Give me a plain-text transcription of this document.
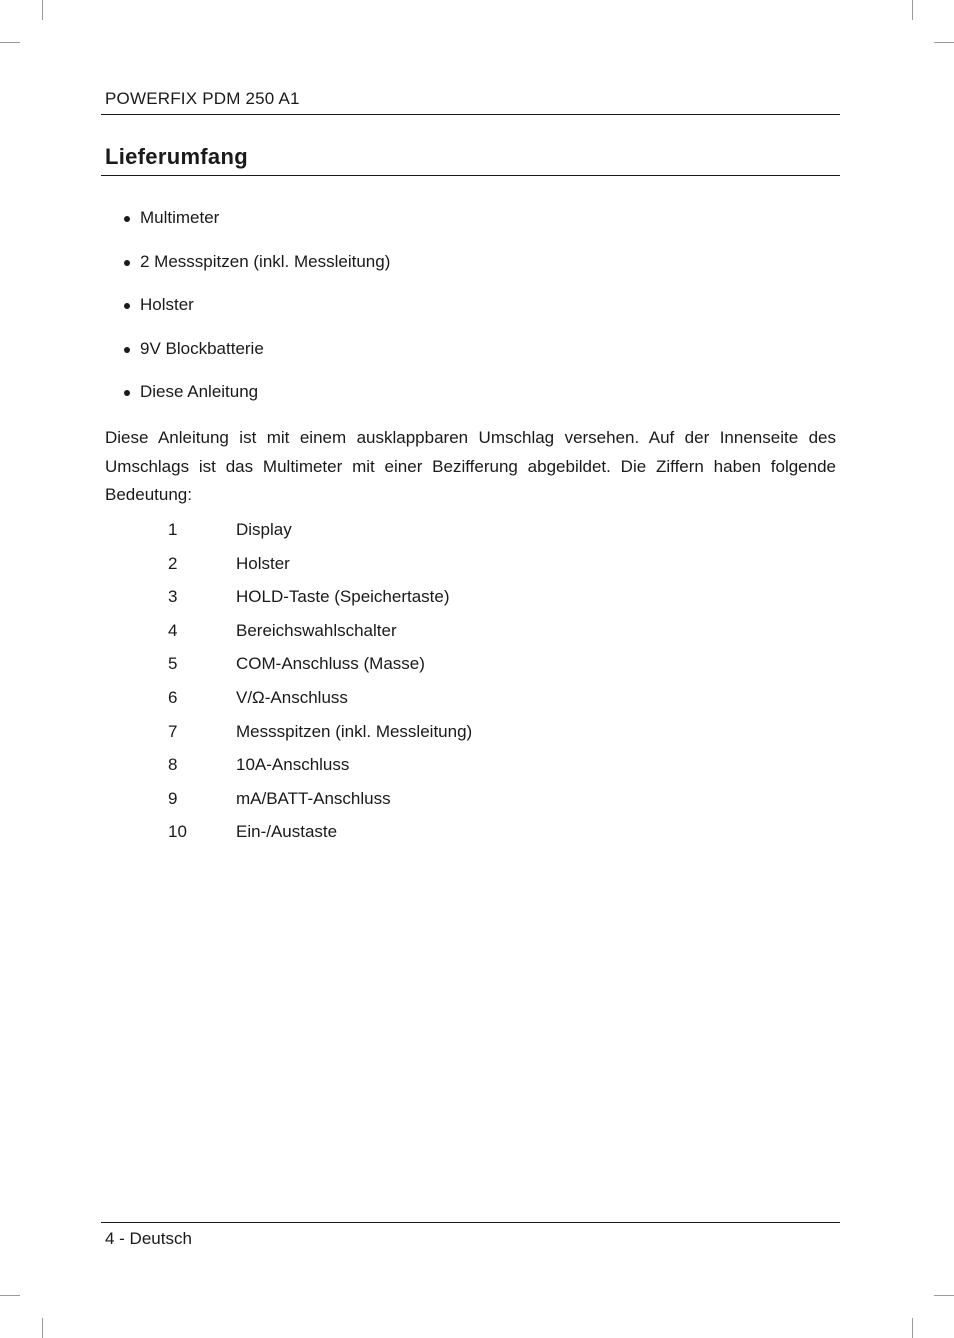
POWERFIX PDM 250 A1
Lieferumfang
Multimeter
2 Messspitzen (inkl. Messleitung)
Holster
9V Blockbatterie
Diese Anleitung

Diese Anleitung ist mit einem ausklappbaren Umschlag versehen. Auf der Innenseite des Umschlags ist das Multimeter mit einer Bezifferung abgebildet. Die Ziffern haben folgende Bedeutung:

1	Display
2	Holster
3	HOLD-Taste (Speichertaste)
4	Bereichswahlschalter
5	COM-Anschluss (Masse)
6	V/Ω-Anschluss
7	Messspitzen (inkl. Messleitung)
8	10A-Anschluss
9	mA/BATT-Anschluss
10	Ein-/Austaste
4 - Deutsch
